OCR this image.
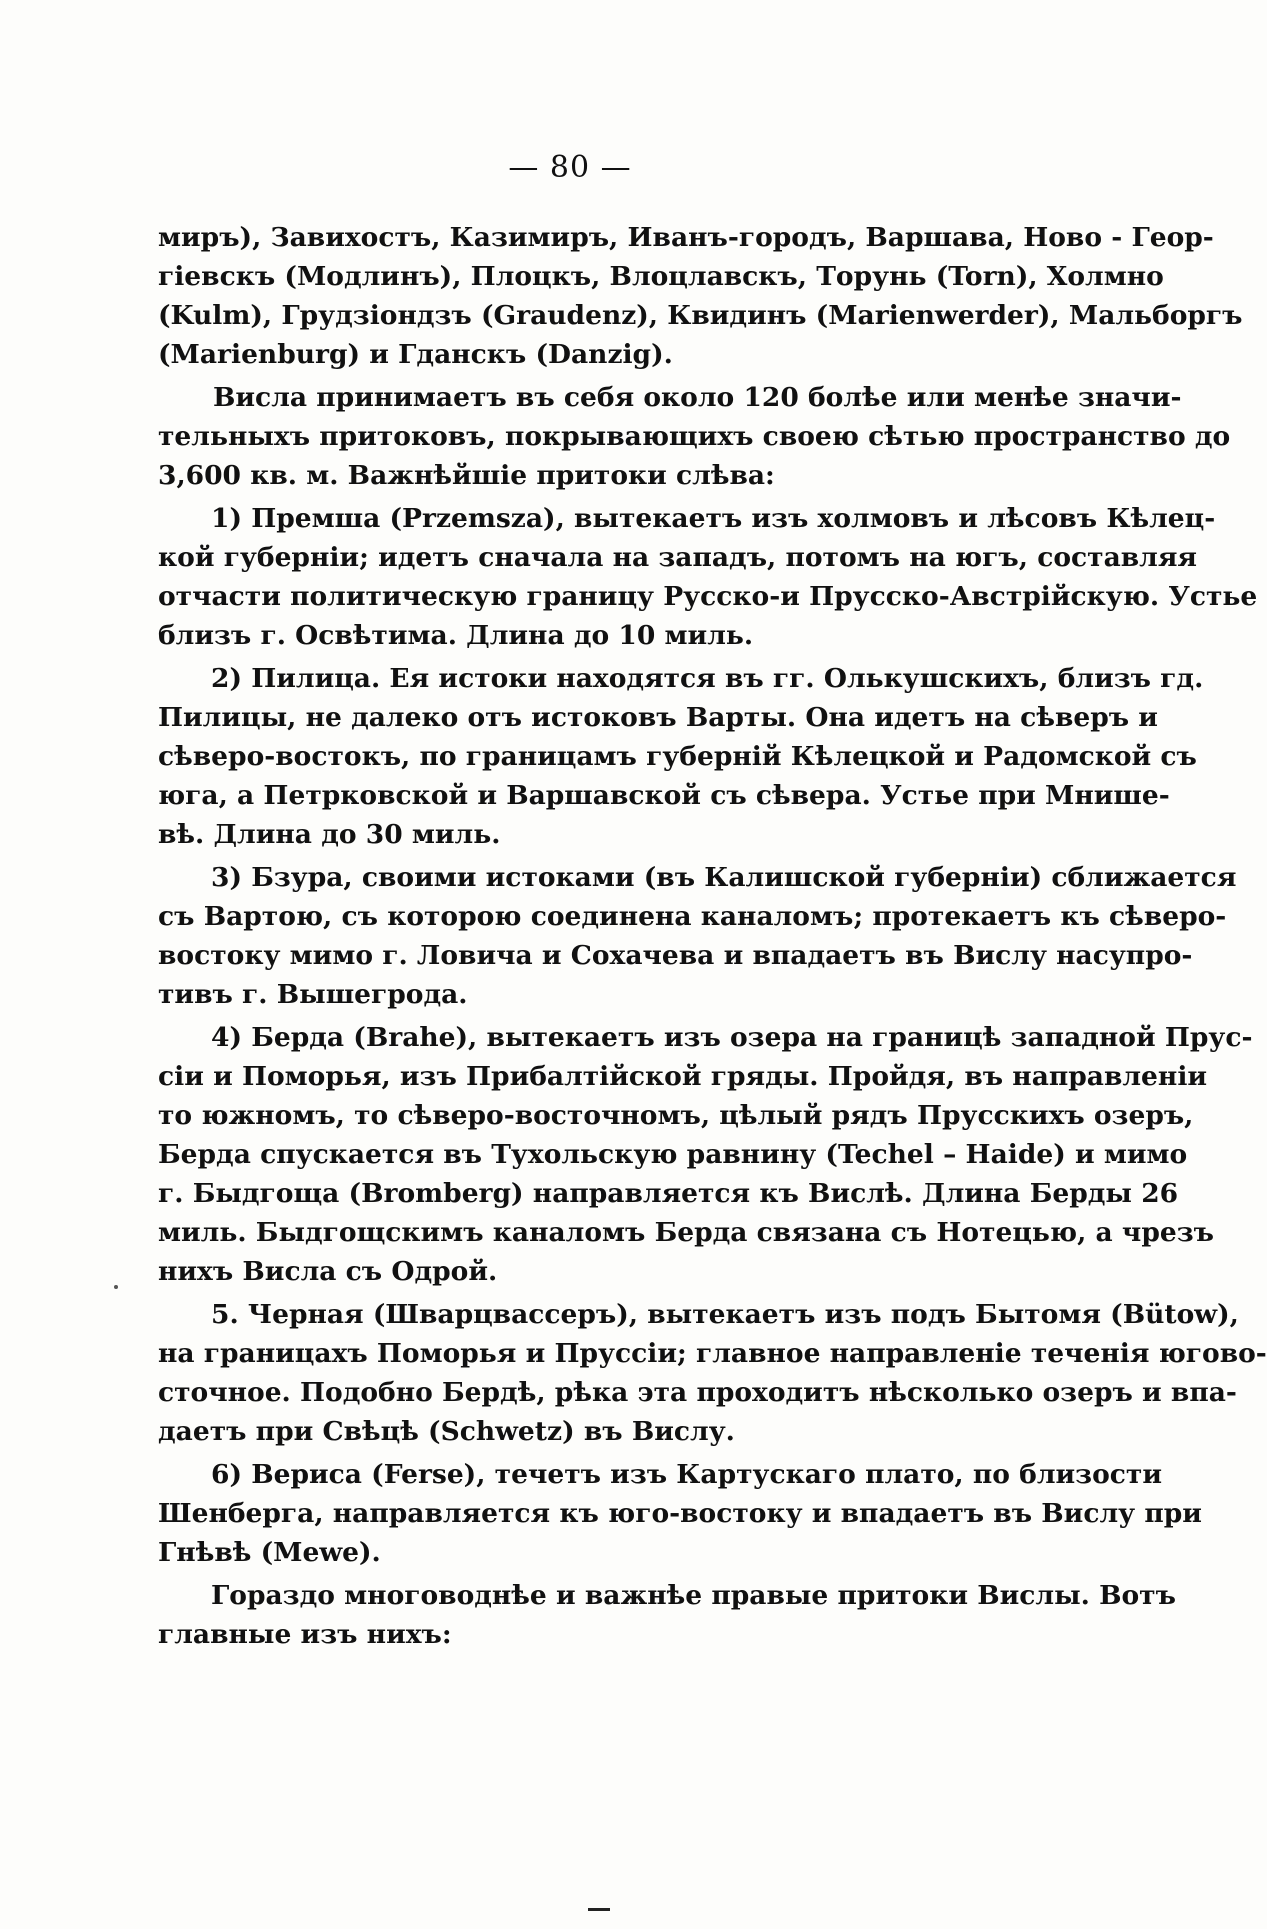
— 80 —
миръ), Завихостъ, Казимиръ, Иванъ-городъ, Варшава, Ново - Геор-
гіевскъ (Модлинъ), Плоцкъ, Влоцлавскъ, Торунь (Torn), Холмно
(Kulm), Грудзіондзъ (Graudenz), Квидинъ (Marienwerder), Мальборгъ
(Marienburg) и Гданскъ (Danzig).
Висла принимаетъ въ себя около 120 болѣе или менѣе значи-
тельныхъ притоковъ, покрывающихъ своею сѣтью пространство до
3,600 кв. м. Важнѣйшіе притоки слѣва:
1) Премша (Przemsza), вытекаетъ изъ холмовъ и лѣсовъ Кѣлец-
кой губерніи; идетъ сначала на западъ, потомъ на югъ, составляя
отчасти политическую границу Русско-и Прусско-Австрійскую. Устье
близъ г. Освѣтима. Длина до 10 миль.
2) Пилица. Ея истоки находятся въ гг. Олькушскихъ, близъ гд.
Пилицы, не далеко отъ истоковъ Варты. Она идетъ на сѣверъ и
сѣверо-востокъ, по границамъ губерній Кѣлецкой и Радомской съ
юга, а Петрковской и Варшавской съ сѣвера. Устье при Мнише-
вѣ. Длина до 30 миль.
3) Бзура, своими истоками (въ Калишской губерніи) сближается
съ Вартою, съ которою соединена каналомъ; протекаетъ къ сѣверо-
востоку мимо г. Ловича и Сохачева и впадаетъ въ Вислу насупро-
тивъ г. Вышегрода.
4) Берда (Brahe), вытекаетъ изъ озера на границѣ западной Прус-
сіи и Поморья, изъ Прибалтійской гряды. Пройдя, въ направленіи
то южномъ, то сѣверо-восточномъ, цѣлый рядъ Прусскихъ озеръ,
Берда спускается въ Тухольскую равнину (Techel – Haide) и мимо
г. Быдгоща (Bromberg) направляется къ Вислѣ. Длина Берды 26
миль. Быдгощскимъ каналомъ Берда связана съ Нотецью, а чрезъ
нихъ Висла съ Одрой.
5. Черная (Шварцвассеръ), вытекаетъ изъ подъ Бытомя (Bütow),
на границахъ Поморья и Пруссіи; главное направленіе теченія югово-
сточное. Подобно Бердѣ, рѣка эта проходитъ нѣсколько озеръ и впа-
даетъ при Свѣцѣ (Schwetz) въ Вислу.
6) Вериса (Ferse), течетъ изъ Картускаго плато, по близости
Шенберга, направляется къ юго-востоку и впадаетъ въ Вислу при
Гнѣвѣ (Mewe).
Гораздо многоводнѣе и важнѣе правые притоки Вислы. Вотъ
главные изъ нихъ:
